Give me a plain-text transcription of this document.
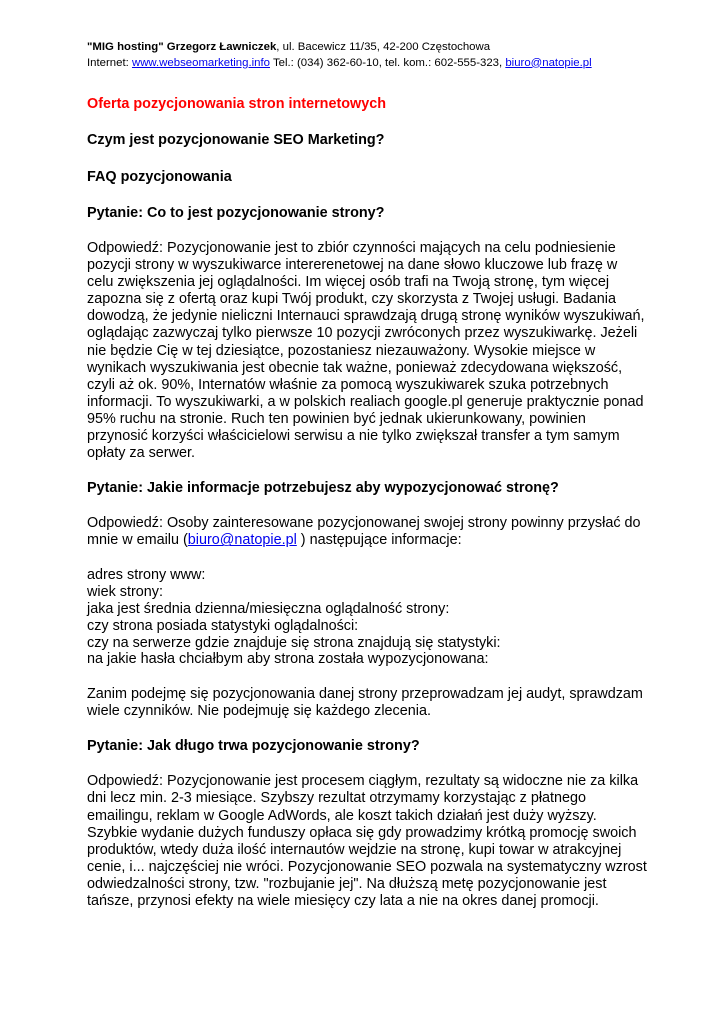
"MIG hosting" Grzegorz Ławniczek, ul. Bacewicz 11/35, 42-200 Częstochowa
Internet: www.webseomarketing.info Tel.: (034) 362-60-10, tel. kom.: 602-555-323, biuro@natopie.pl
Oferta pozycjonowania stron internetowych
Czym jest pozycjonowanie SEO Marketing?
FAQ pozycjonowania
Pytanie: Co to jest pozycjonowanie strony?

Odpowiedź: Pozycjonowanie jest to zbiór czynności mających na celu podniesienie pozycji strony w wyszukiwarce intererenetowej na dane słowo kluczowe lub frazę w celu zwiększenia jej oglądalności. Im więcej osób trafi na Twoją stronę, tym więcej zapozna się z ofertą oraz kupi Twój produkt, czy skorzysta z Twojej usługi. Badania dowodzą, że jedynie nieliczni Internauci sprawdzają drugą stronę wyników wyszukiwań, oglądając zazwyczaj tylko pierwsze 10 pozycji zwróconych przez wyszukiwarkę. Jeżeli nie będzie Cię w tej dziesiątce, pozostaniesz niezauważony. Wysokie miejsce w wynikach wyszukiwania jest obecnie tak ważne, ponieważ zdecydowana większość, czyli aż ok. 90%, Internatów właśnie za pomocą wyszukiwarek szuka potrzebnych informacji. To wyszukiwarki, a w polskich realiach google.pl generuje praktycznie ponad 95% ruchu na stronie. Ruch ten powinien być jednak ukierunkowany, powinien przynosić korzyści właścicielowi serwisu a nie tylko zwiększał transfer a tym samym opłaty za serwer.

Pytanie: Jakie informacje potrzebujesz aby wypozycjonować stronę?

Odpowiedź: Osoby zainteresowane pozycjonowanej swojej strony powinny przysłać do mnie w emailu (biuro@natopie.pl ) następujące informacje:

adres strony www:
wiek strony:
jaka jest średnia dzienna/miesięczna oglądalność strony:
czy strona posiada statystyki oglądalności:
czy na serwerze gdzie znajduje się strona znajdują się statystyki:
na jakie hasła chciałbym aby strona została wypozycjonowana:

Zanim podejmę się pozycjonowania danej strony przeprowadzam jej audyt, sprawdzam wiele czynników. Nie podejmuję się każdego zlecenia.

Pytanie: Jak długo trwa pozycjonowanie strony?

Odpowiedź: Pozycjonowanie jest procesem ciągłym, rezultaty są widoczne nie za kilka dni lecz min. 2-3 miesiące. Szybszy rezultat otrzymamy korzystając z płatnego emailingu, reklam w Google AdWords, ale koszt takich działań jest duży wyższy. Szybkie wydanie dużych funduszy opłaca się gdy prowadzimy krótką promocję swoich produktów, wtedy duża ilość internautów wejdzie na stronę, kupi towar w atrakcyjnej cenie, i... najczęściej nie wróci. Pozycjonowanie SEO pozwala na systematyczny wzrost odwiedzalności strony, tzw. "rozbujanie jej". Na dłuższą metę pozycjonowanie jest tańsze, przynosi efekty na wiele miesięcy czy lata a nie na okres danej promocji.
